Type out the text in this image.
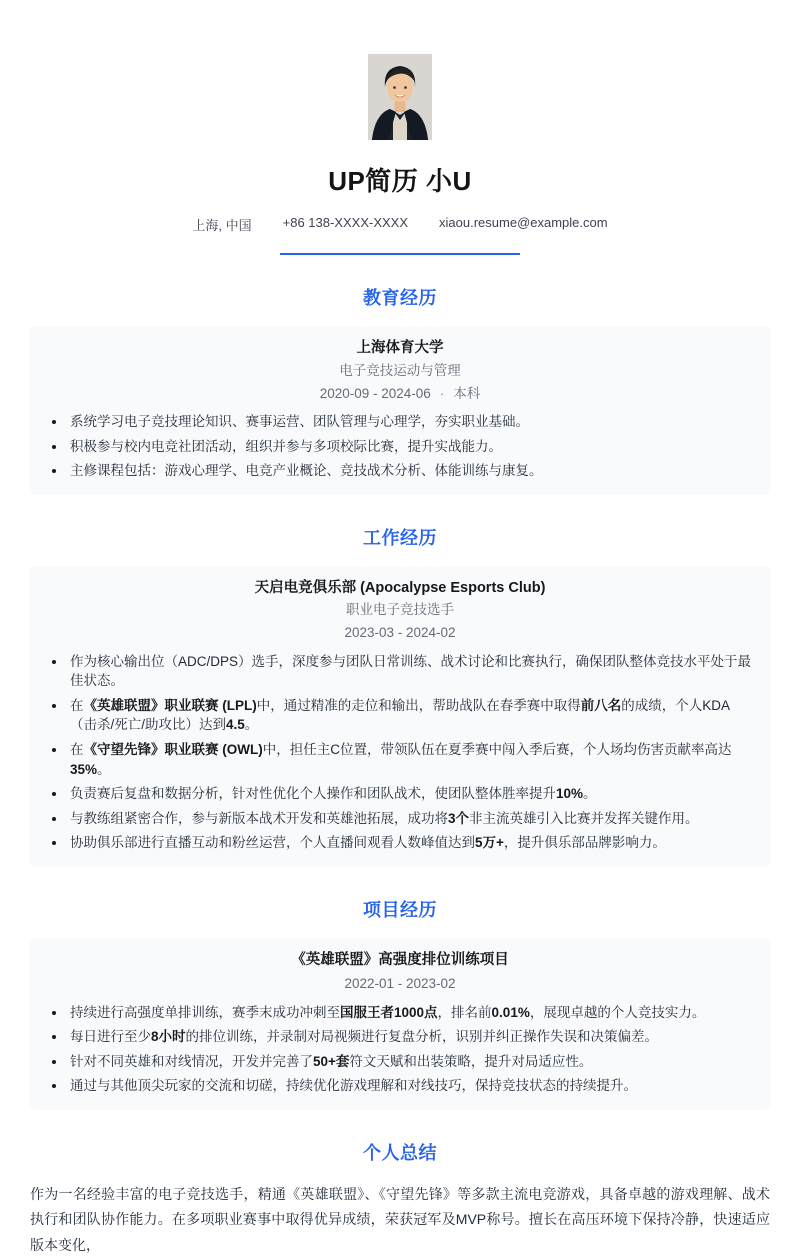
UP简历 小U
上海, 中国 +86 138-XXXX-XXXX xiaou.resume@example.com
教育经历
上海体育大学
电子竞技运动与管理
2020-09 - 2024-06 · 本科
系统学习电子竞技理论知识、赛事运营、团队管理与心理学，夯实职业基础。
积极参与校内电竞社团活动，组织并参与多项校际比赛，提升实战能力。
主修课程包括：游戏心理学、电竞产业概论、竞技战术分析、体能训练与康复。
工作经历
天启电竞俱乐部 (Apocalypse Esports Club)
职业电子竞技选手
2023-03 - 2024-02
作为核心输出位（ADC/DPS）选手，深度参与团队日常训练、战术讨论和比赛执行，确保团队整体竞技水平处于最佳状态。
在《英雄联盟》职业联赛 (LPL)中，通过精准的走位和输出，帮助战队在春季赛中取得前八名的成绩，个人KDA（击杀/死亡/助攻比）达到4.5。
在《守望先锋》职业联赛 (OWL)中，担任主C位置，带领队伍在夏季赛中闯入季后赛，个人场均伤害贡献率高达35%。
负责赛后复盘和数据分析，针对性优化个人操作和团队战术，使团队整体胜率提升10%。
与教练组紧密合作，参与新版本战术开发和英雄池拓展，成功将3个非主流英雄引入比赛并发挥关键作用。
协助俱乐部进行直播互动和粉丝运营，个人直播间观看人数峰值达到5万+，提升俱乐部品牌影响力。
项目经历
《英雄联盟》高强度排位训练项目
2022-01 - 2023-02
持续进行高强度单排训练，赛季末成功冲刺至国服王者1000点，排名前0.01%，展现卓越的个人竞技实力。
每日进行至少8小时的排位训练，并录制对局视频进行复盘分析，识别并纠正操作失误和决策偏差。
针对不同英雄和对线情况，开发并完善了50+套符文天赋和出装策略，提升对局适应性。
通过与其他顶尖玩家的交流和切磋，持续优化游戏理解和对线技巧，保持竞技状态的持续提升。
个人总结

作为一名经验丰富的电子竞技选手，精通《英雄联盟》、《守望先锋》等多款主流电竞游戏，具备卓越的游戏理解、战术执行和团队协作能力。在多项职业赛事中取得优异成绩，荣获冠军及MVP称号。擅长在高压环境下保持冷静，快速适应版本变化，
